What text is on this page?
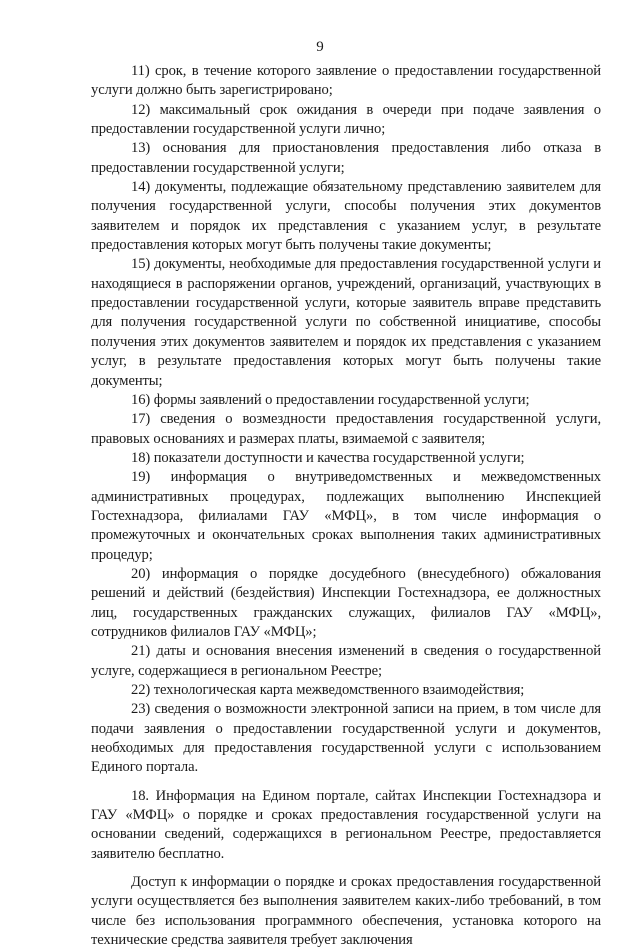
9

11) срок, в течение которого заявление о предоставлении государственной услуги должно быть зарегистрировано;

12) максимальный срок ожидания в очереди при подаче заявления о предоставлении государственной услуги лично;

13) основания для приостановления предоставления либо отказа в предоставлении государственной услуги;

14) документы, подлежащие обязательному представлению заявителем для получения государственной услуги, способы получения этих документов заявителем и порядок их представления с указанием услуг, в результате предоставления которых могут быть получены такие документы;

15) документы, необходимые для предоставления государственной услуги и находящиеся в распоряжении органов, учреждений, организаций, участвующих в предоставлении государственной услуги, которые заявитель вправе представить для получения государственной услуги по собственной инициативе, способы получения этих документов заявителем и порядок их представления с указанием услуг, в результате предоставления которых могут быть получены такие документы;

16) формы заявлений о предоставлении государственной услуги;

17) сведения о возмездности предоставления государственной услуги, правовых основаниях и размерах платы, взимаемой с заявителя;

18) показатели доступности и качества государственной услуги;

19) информация о внутриведомственных и межведомственных административных процедурах, подлежащих выполнению Инспекцией Гостехнадзора, филиалами ГАУ «МФЦ», в том числе информация о промежуточных и окончательных сроках выполнения таких административных процедур;

20) информация о порядке досудебного (внесудебного) обжалования решений и действий (бездействия) Инспекции Гостехнадзора, ее должностных лиц, государственных гражданских служащих, филиалов ГАУ «МФЦ», сотрудников филиалов ГАУ «МФЦ»;

21) даты и основания внесения изменений в сведения о государственной услуге, содержащиеся в региональном Реестре;

22) технологическая карта межведомственного взаимодействия;

23) сведения о возможности электронной записи на прием, в том числе для подачи заявления о предоставлении государственной услуги и документов, необходимых для предоставления государственной услуги с использованием Единого портала.

18. Информация на Едином портале, сайтах Инспекции Гостехнадзора и ГАУ «МФЦ» о порядке и сроках предоставления государственной услуги на основании сведений, содержащихся в региональном Реестре, предоставляется заявителю бесплатно.

Доступ к информации о порядке и сроках предоставления государственной услуги осуществляется без выполнения заявителем каких-либо требований, в том числе без использования программного обеспечения, установка которого на технические средства заявителя требует заключения
